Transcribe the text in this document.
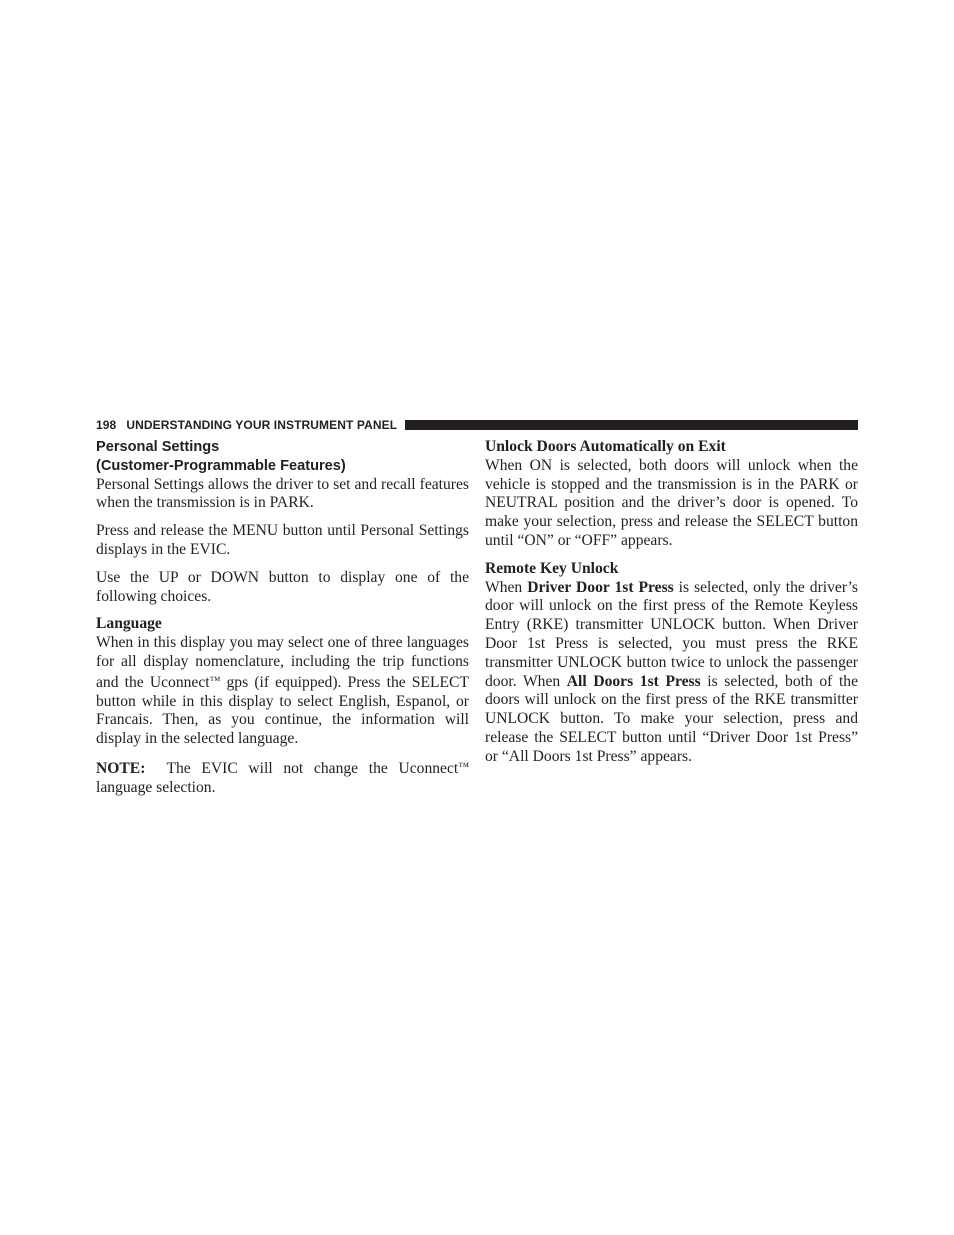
198 UNDERSTANDING YOUR INSTRUMENT PANEL
Personal Settings
(Customer-Programmable Features)

Personal Settings allows the driver to set and recall features when the transmission is in PARK.

Press and release the MENU button until Personal Settings displays in the EVIC.

Use the UP or DOWN button to display one of the following choices.

Language

When in this display you may select one of three languages for all display nomenclature, including the trip functions and the Uconnect™ gps (if equipped). Press the SELECT button while in this display to select English, Espanol, or Francais. Then, as you continue, the information will display in the selected language.

NOTE:  The EVIC will not change the Uconnect™ language selection.

Unlock Doors Automatically on Exit

When ON is selected, both doors will unlock when the vehicle is stopped and the transmission is in the PARK or NEUTRAL position and the driver’s door is opened. To make your selection, press and release the SELECT button until “ON” or “OFF” appears.

Remote Key Unlock

When Driver Door 1st Press is selected, only the driver’s door will unlock on the first press of the Remote Keyless Entry (RKE) transmitter UNLOCK button. When Driver Door 1st Press is selected, you must press the RKE transmitter UNLOCK button twice to unlock the passenger door. When All Doors 1st Press is selected, both of the doors will unlock on the first press of the RKE transmitter UNLOCK button. To make your selection, press and release the SELECT button until “Driver Door 1st Press” or “All Doors 1st Press” appears.
